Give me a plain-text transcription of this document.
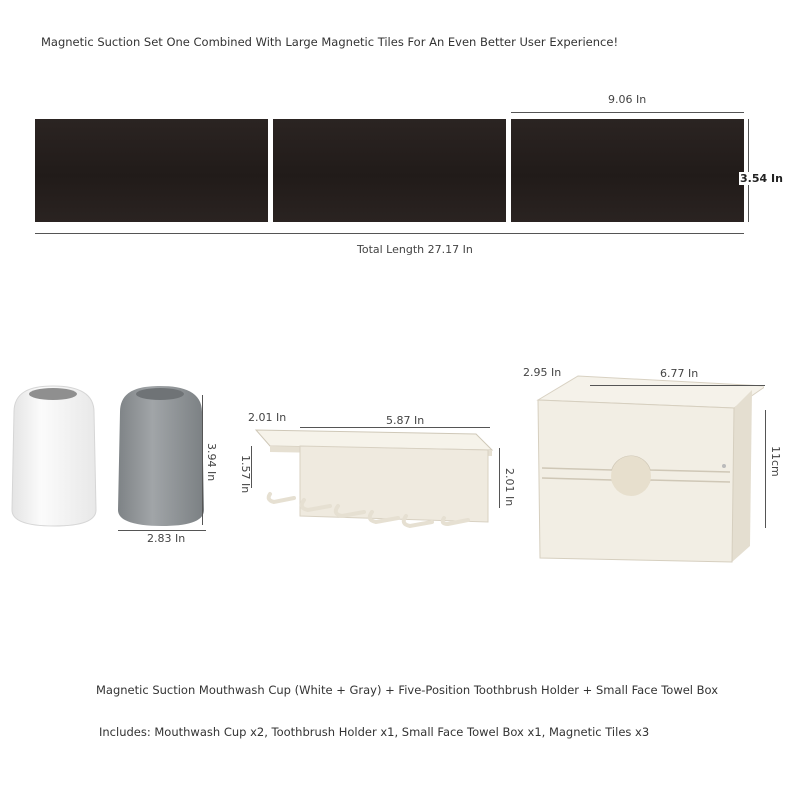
Magnetic Suction Set One Combined With Large Magnetic Tiles For An Even Better User Experience!
9.06 In
3.54 In
Total Length 27.17 In
3.94 In
2.83 In
2.01 In	5.87 In
1.57 In	2.01 In
2.95 In	6.77 In
11cm
Magnetic Suction Mouthwash Cup (White + Gray) + Five-Position Toothbrush Holder + Small Face Towel Box
Includes: Mouthwash Cup x2, Toothbrush Holder x1, Small Face Towel Box x1, Magnetic Tiles x3
